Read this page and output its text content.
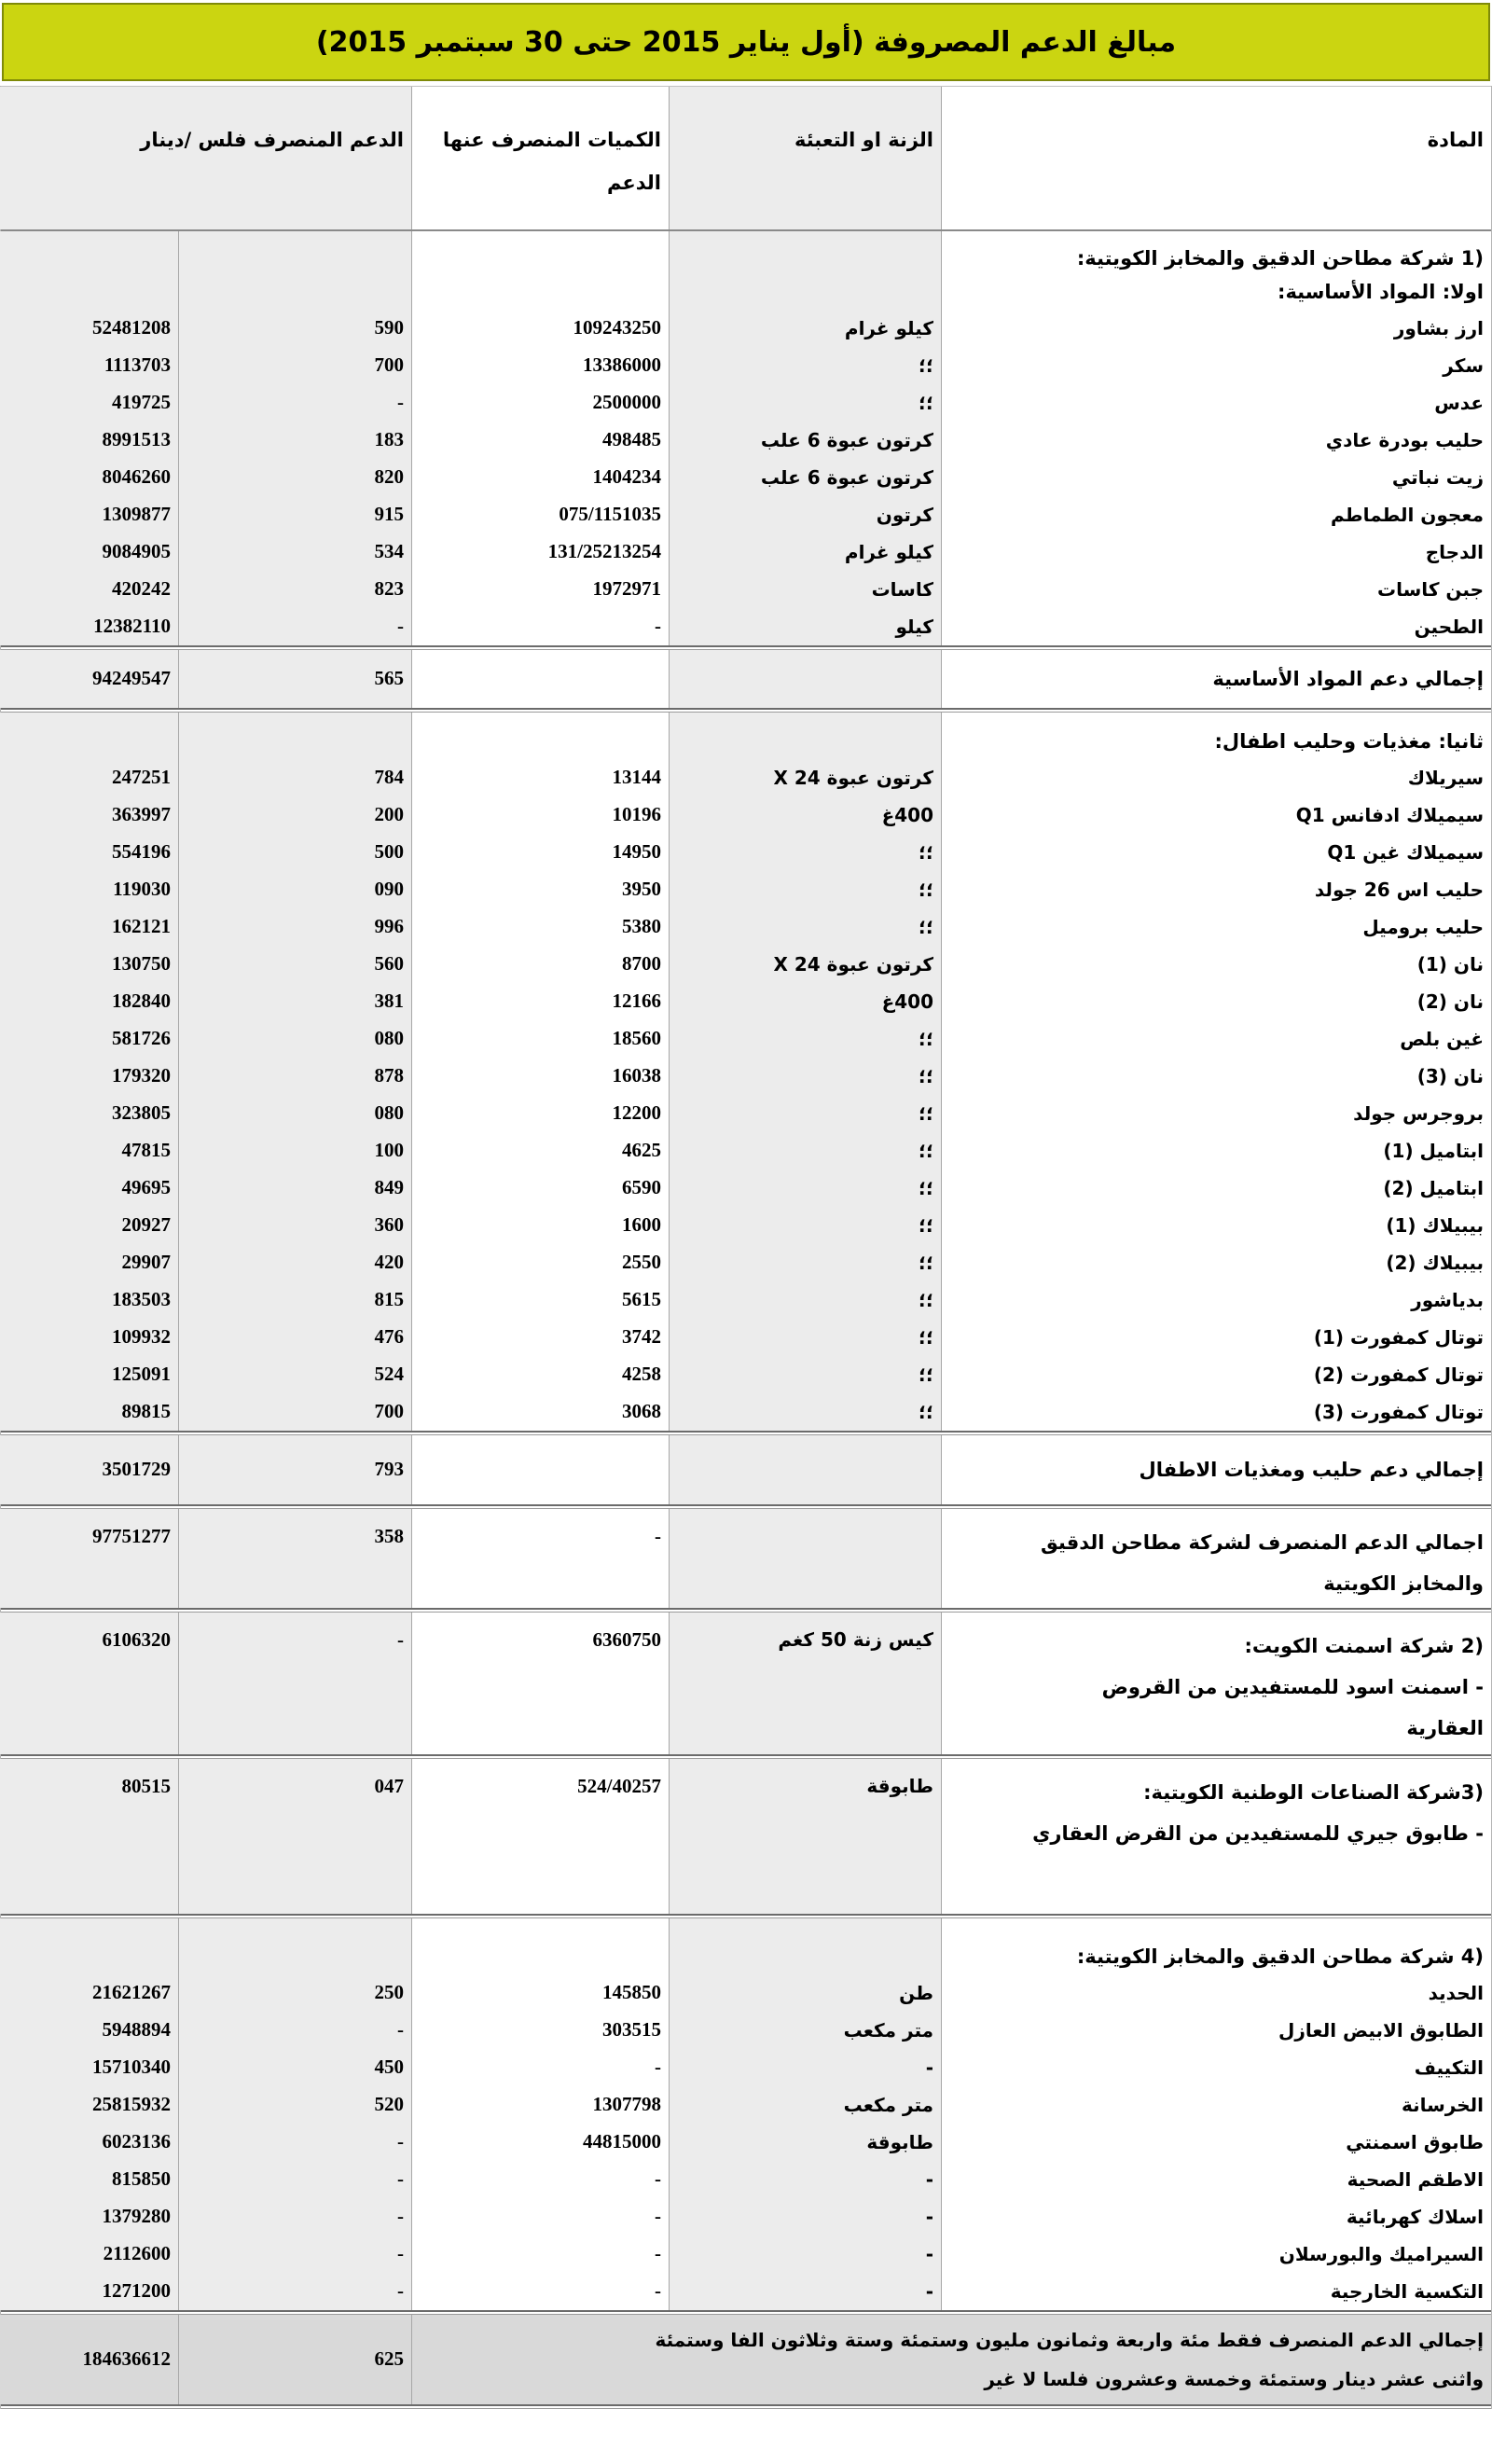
مبالغ الدعم المصروفة (أول يناير 2015 حتى 30 سبتمبر 2015)
المادة
الزنة او التعبئة
الكميات المنصرف عنها الدعم
الدعم المنصرف فلس /دينار
‎1)‎ شركة مطاحن الدقيق والمخابز الكويتية:
اولا: المواد الأساسية:
ارز بشاور
كيلو غرام
109243250
590
52481208
سكر
؛؛
13386000
700
1113703
عدس
؛؛
2500000
-
419725
حليب بودرة عادي
كرتون عبوة 6 علب
498485
183
8991513
زيت نباتي
كرتون عبوة 6 علب
1404234
820
8046260
معجون الطماطم
كرتون
075/1151035
915
1309877
الدجاج
كيلو غرام
131/25213254
534
9084905
جبن كاسات
كاسات
1972971
823
420242
الطحين
كيلو
-
-
12382110
إجمالي دعم المواد الأساسية
565
94249547
ثانيا: مغذيات وحليب اطفال:
سيريلاك
كرتون عبوة X 24
13144
784
247251
سيميلاك ادفانس Q1
400غ
10196
200
363997
سيميلاك غين Q1
؛؛
14950
500
554196
حليب اس 26 جولد
؛؛
3950
090
119030
حليب بروميل
؛؛
5380
996
162121
نان (1)
كرتون عبوة X 24
8700
560
130750
نان (2)
400غ
12166
381
182840
غين بلص
؛؛
18560
080
581726
نان (3)
؛؛
16038
878
179320
بروجرس جولد
؛؛
12200
080
323805
ابتاميل (1)
؛؛
4625
100
47815
ابتاميل (2)
؛؛
6590
849
49695
بيبيلاك (1)
؛؛
1600
360
20927
بيبيلاك (2)
؛؛
2550
420
29907
بدياشور
؛؛
5615
815
183503
توتال كمفورت (1)
؛؛
3742
476
109932
توتال كمفورت (2)
؛؛
4258
524
125091
توتال كمفورت (3)
؛؛
3068
700
89815
إجمالي دعم حليب ومغذيات الاطفال
793
3501729
اجمالي الدعم المنصرف لشركة مطاحن الدقيق
والمخابز الكويتية
-
358
97751277
‎2)‎ شركة اسمنت الكويت:
- اسمنت اسود للمستفيدين من القروض
العقارية
كيس زنة 50 كغم
6360750
-
6106320
‎3)‎شركة الصناعات الوطنية الكويتية:
- طابوق جيري للمستفيدين من القرض العقاري
طابوقة
524/40257
047
80515
‎4)‎ شركة مطاحن الدقيق والمخابز الكويتية:
الحديد
طن
145850
250
21621267
الطابوق الابيض العازل
متر مكعب
303515
-
5948894
التكييف
-
-
450
15710340
الخرسانة
متر مكعب
1307798
520
25815932
طابوق اسمنتي
طابوقة
44815000
-
6023136
الاطقم الصحية
-
-
-
815850
اسلاك كهربائية
-
-
-
1379280
السيراميك والبورسلان
-
-
-
2112600
التكسية الخارجية
-
-
-
1271200
إجمالي الدعم المنصرف فقط مئة واربعة وثمانون مليون وستمئة وستة وثلاثون الفا وستمئة
واثنى عشر دينار وستمئة وخمسة وعشرون فلسا لا غير
625
184636612
